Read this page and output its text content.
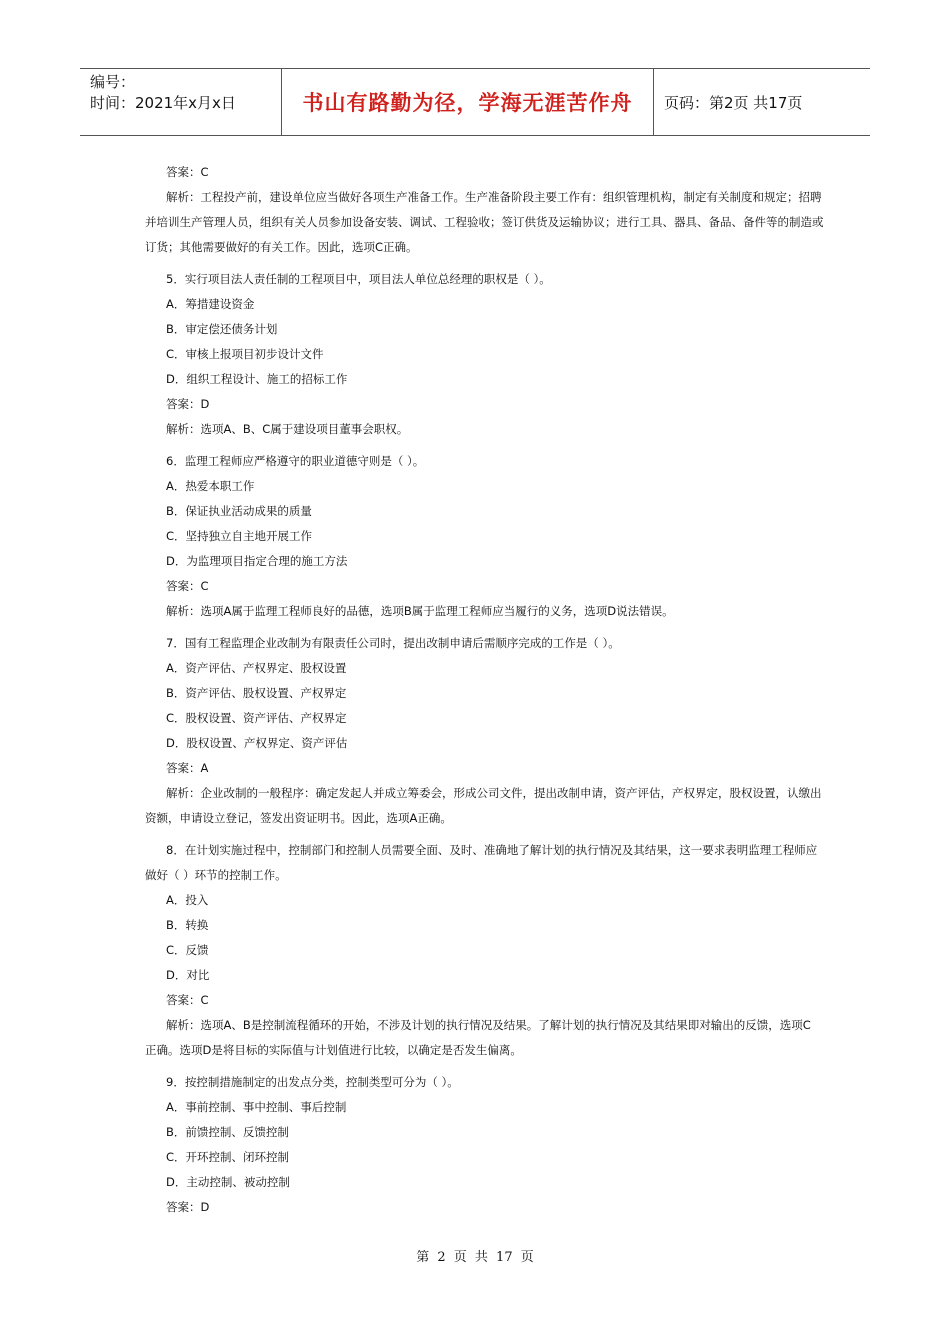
编号：
时间：2021年x月x日	书山有路勤为径，学海无涯苦作舟	页码：第2页 共17页
答案：C
解析：工程投产前，建设单位应当做好各项生产准备工作。生产准备阶段主要工作有：组织管理机构，制定有关制度和规定；招聘
并培训生产管理人员，组织有关人员参加设备安装、调试、工程验收；签订供货及运输协议；进行工具、器具、备品、备件等的制造或
订货；其他需要做好的有关工作。因此，选项C正确。
5．实行项目法人责任制的工程项目中，项目法人单位总经理的职权是（ ）。
A．筹措建设资金
B．审定偿还债务计划
C．审核上报项目初步设计文件
D．组织工程设计、施工的招标工作
答案：D
解析：选项A、B、C属于建设项目董事会职权。
6．监理工程师应严格遵守的职业道德守则是（ ）。
A．热爱本职工作
B．保证执业活动成果的质量
C．坚持独立自主地开展工作
D．为监理项目指定合理的施工方法
答案：C
解析：选项A属于监理工程师良好的品德，选项B属于监理工程师应当履行的义务，选项D说法错误。
7．国有工程监理企业改制为有限责任公司时，提出改制申请后需顺序完成的工作是（ ）。
A．资产评估、产权界定、股权设置
B．资产评估、股权设置、产权界定
C．股权设置、资产评估、产权界定
D．股权设置、产权界定、资产评估
答案：A
解析：企业改制的一般程序：确定发起人并成立筹委会，形成公司文件，提出改制申请，资产评估，产权界定，股权设置，认缴出
资额，申请设立登记，签发出资证明书。因此，选项A正确。
8．在计划实施过程中，控制部门和控制人员需要全面、及时、准确地了解计划的执行情况及其结果，这一要求表明监理工程师应
做好（ ）环节的控制工作。
A．投入
B．转换
C．反馈
D．对比
答案：C
解析：选项A、B是控制流程循环的开始，不涉及计划的执行情况及结果。了解计划的执行情况及其结果即对输出的反馈，选项C
正确。选项D是将目标的实际值与计划值进行比较，以确定是否发生偏离。
9．按控制措施制定的出发点分类，控制类型可分为（ ）。
A．事前控制、事中控制、事后控制
B．前馈控制、反馈控制
C．开环控制、闭环控制
D．主动控制、被动控制
答案：D
第 2 页 共 17 页
